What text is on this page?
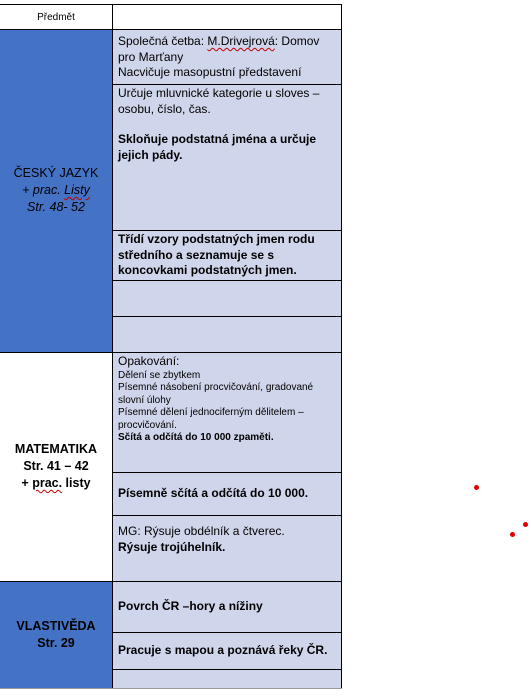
Předmět
ČESKÝ JAZYK
+ prac. Listy
Str. 48- 52
Společná četba: M.Drivejrová: Domov pro Marťany
Nacvičuje masopustní představení
Určuje mluvnické kategorie u sloves – osobu, číslo, čas.
Skloňuje podstatná jména a určuje jejich pády.
Třídí vzory podstatných jmen rodu středního a seznamuje se s koncovkami podstatných jmen.
MATEMATIKA
Str. 41 – 42
+ prac. listy
Opakování:
Dělení se zbytkem
Písemné násobení procvičování, gradované slovní úlohy
Písemné dělení jednociferným dělitelem – procvičování.
Sčítá a odčítá do 10 000 zpaměti.
Písemně sčítá a odčítá do 10 000.
MG: Rýsuje obdélník a čtverec.
Rýsuje trojúhelník.
VLASTIVĚDA
Str. 29
Povrch ČR –hory a nížiny
Pracuje s mapou a poznává řeky ČR.
